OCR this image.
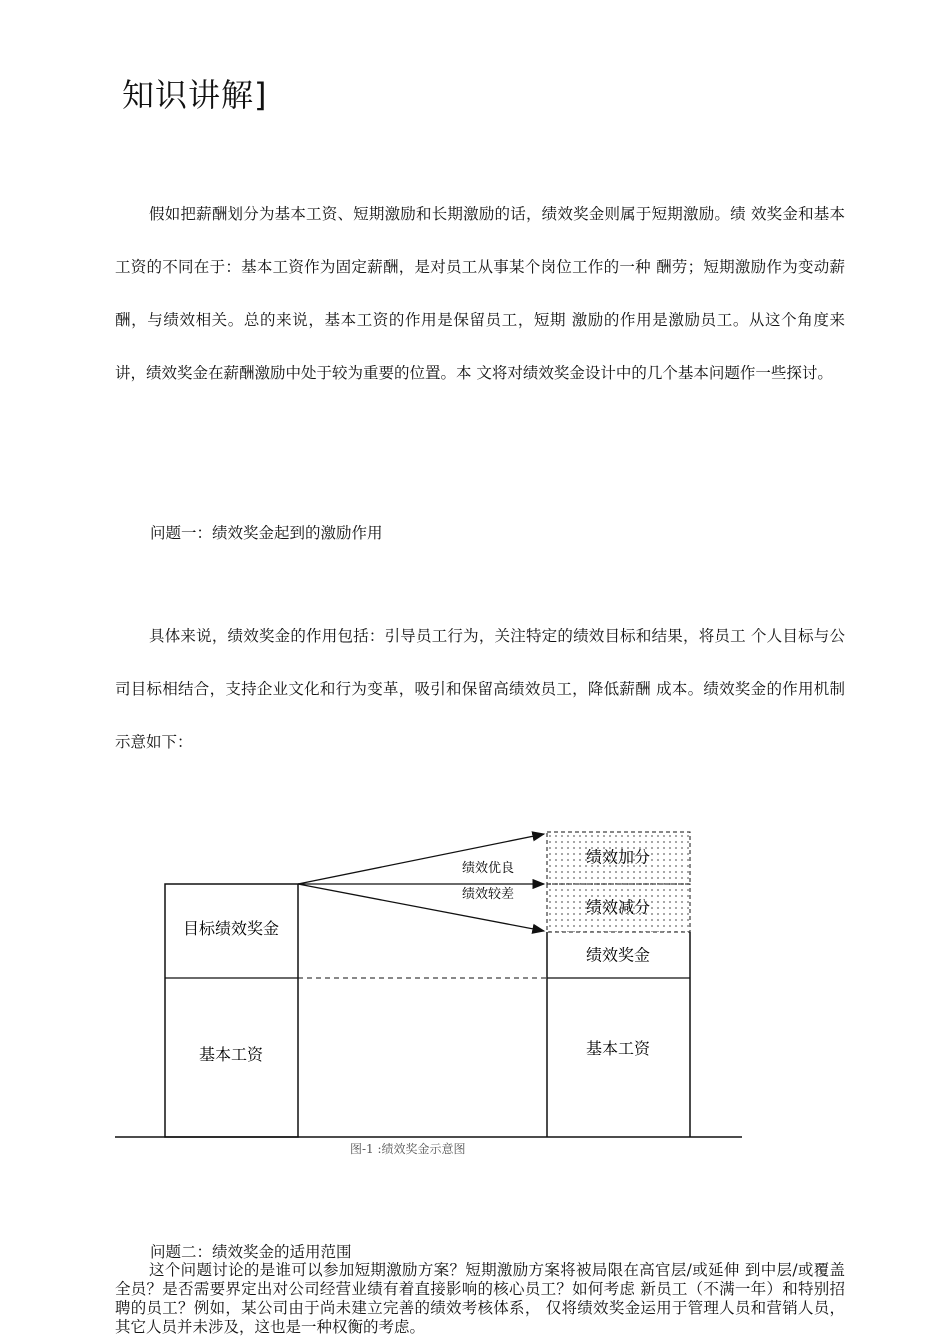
知识讲解]

假如把薪酬划分为基本工资、短期激励和长期激励的话，绩效奖金则属于短期激励。绩 效奖金和基本工资的不同在于：基本工资作为固定薪酬，是对员工从事某个岗位工作的一种 酬劳；短期激励作为变动薪酬，与绩效相关。总的来说，基本工资的作用是保留员工，短期 激励的作用是激励员工。从这个角度来讲，绩效奖金在薪酬激励中处于较为重要的位置。本 文将对绩效奖金设计中的几个基本问题作一些探讨。

问题一：绩效奖金起到的激励作用

具体来说，绩效奖金的作用包括：引导员工行为，关注特定的绩效目标和结果，将员工 个人目标与公司目标相结合，支持企业文化和行为变革，吸引和保留高绩效员工，降低薪酬 成本。绩效奖金的作用机制示意如下：

目标绩效奖金
基本工资
绩效优良
绩效较差
绩效加分
绩效减分
绩效奖金
基本工资
图-1 :绩效奖金示意图

问题二：绩效奖金的适用范围

这个问题讨论的是谁可以参加短期激励方案？短期激励方案将被局限在高官层/或延伸 到中层/或覆盖全员？是否需要界定出对公司经营业绩有着直接影响的核心员工？如何考虑 新员工（不满一年）和特别招聘的员工？例如，某公司由于尚未建立完善的绩效考核体系， 仅将绩效奖金运用于管理人员和营销人员，其它人员并未涉及，这也是一种权衡的考虑。
